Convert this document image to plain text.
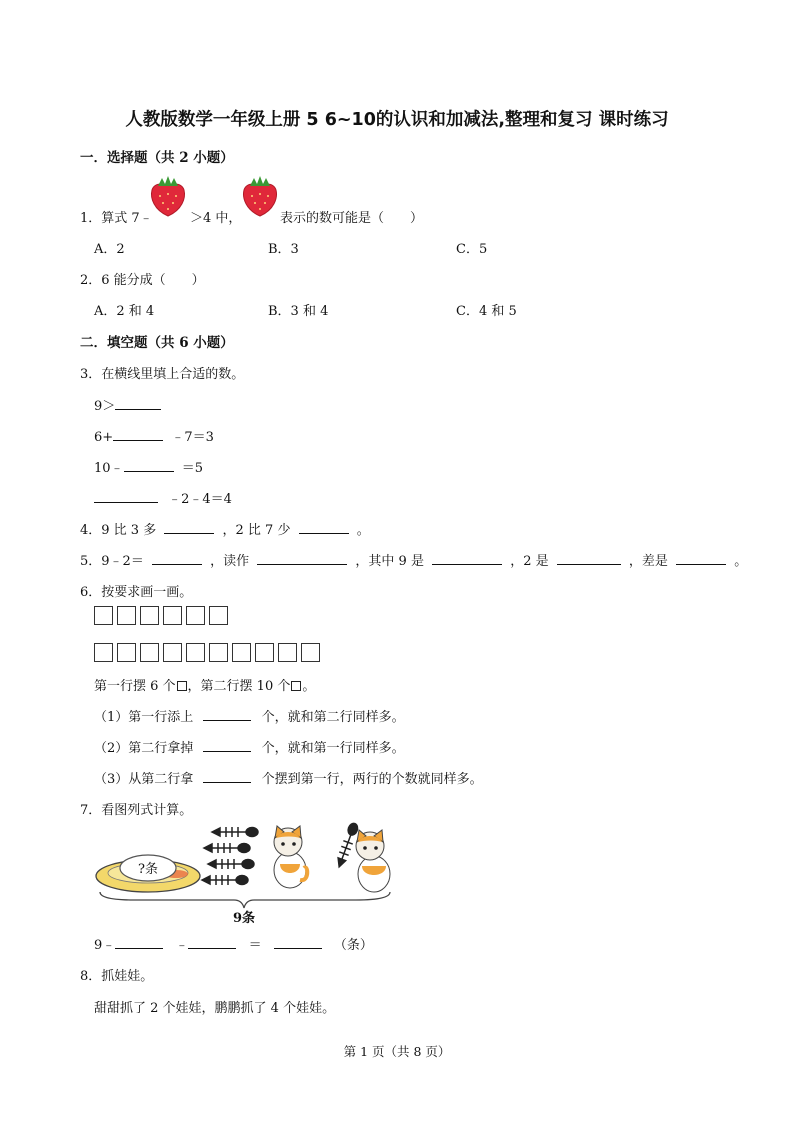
人教版数学一年级上册 5 6~10的认识和加减法,整理和复习 课时练习
一．选择题（共 2 小题）
1．算式 7﹣	＞4 中，	表示的数可能是（　　）
A．2	B．3	C．5
2．6 能分成（　　）
A．2 和 4	B．3 和 4	C．4 和 5
二．填空题（共 6 小题）
3．在横线里填上合适的数。
9＞
6+	﹣7＝3
10﹣	＝5
﹣2﹣4＝4
4．9 比 3 多	，2 比 7 少	。
5．9﹣2＝	，读作	，其中 9 是	，2 是	，差是	。
6．按要求画一画。
第一行摆 6 个 ，第二行摆 10 个 。
（1）第一行添上	个，就和第二行同样多。
（2）第二行拿掉	个，就和第一行同样多。
（3）从第二行拿	个摆到第一行，两行的个数就同样多。
7．看图列式计算。
?条
9条
9﹣	﹣	＝	（条）
8．抓娃娃。
甜甜抓了 2 个娃娃，鹏鹏抓了 4 个娃娃。
第 1 页（共 8 页）
